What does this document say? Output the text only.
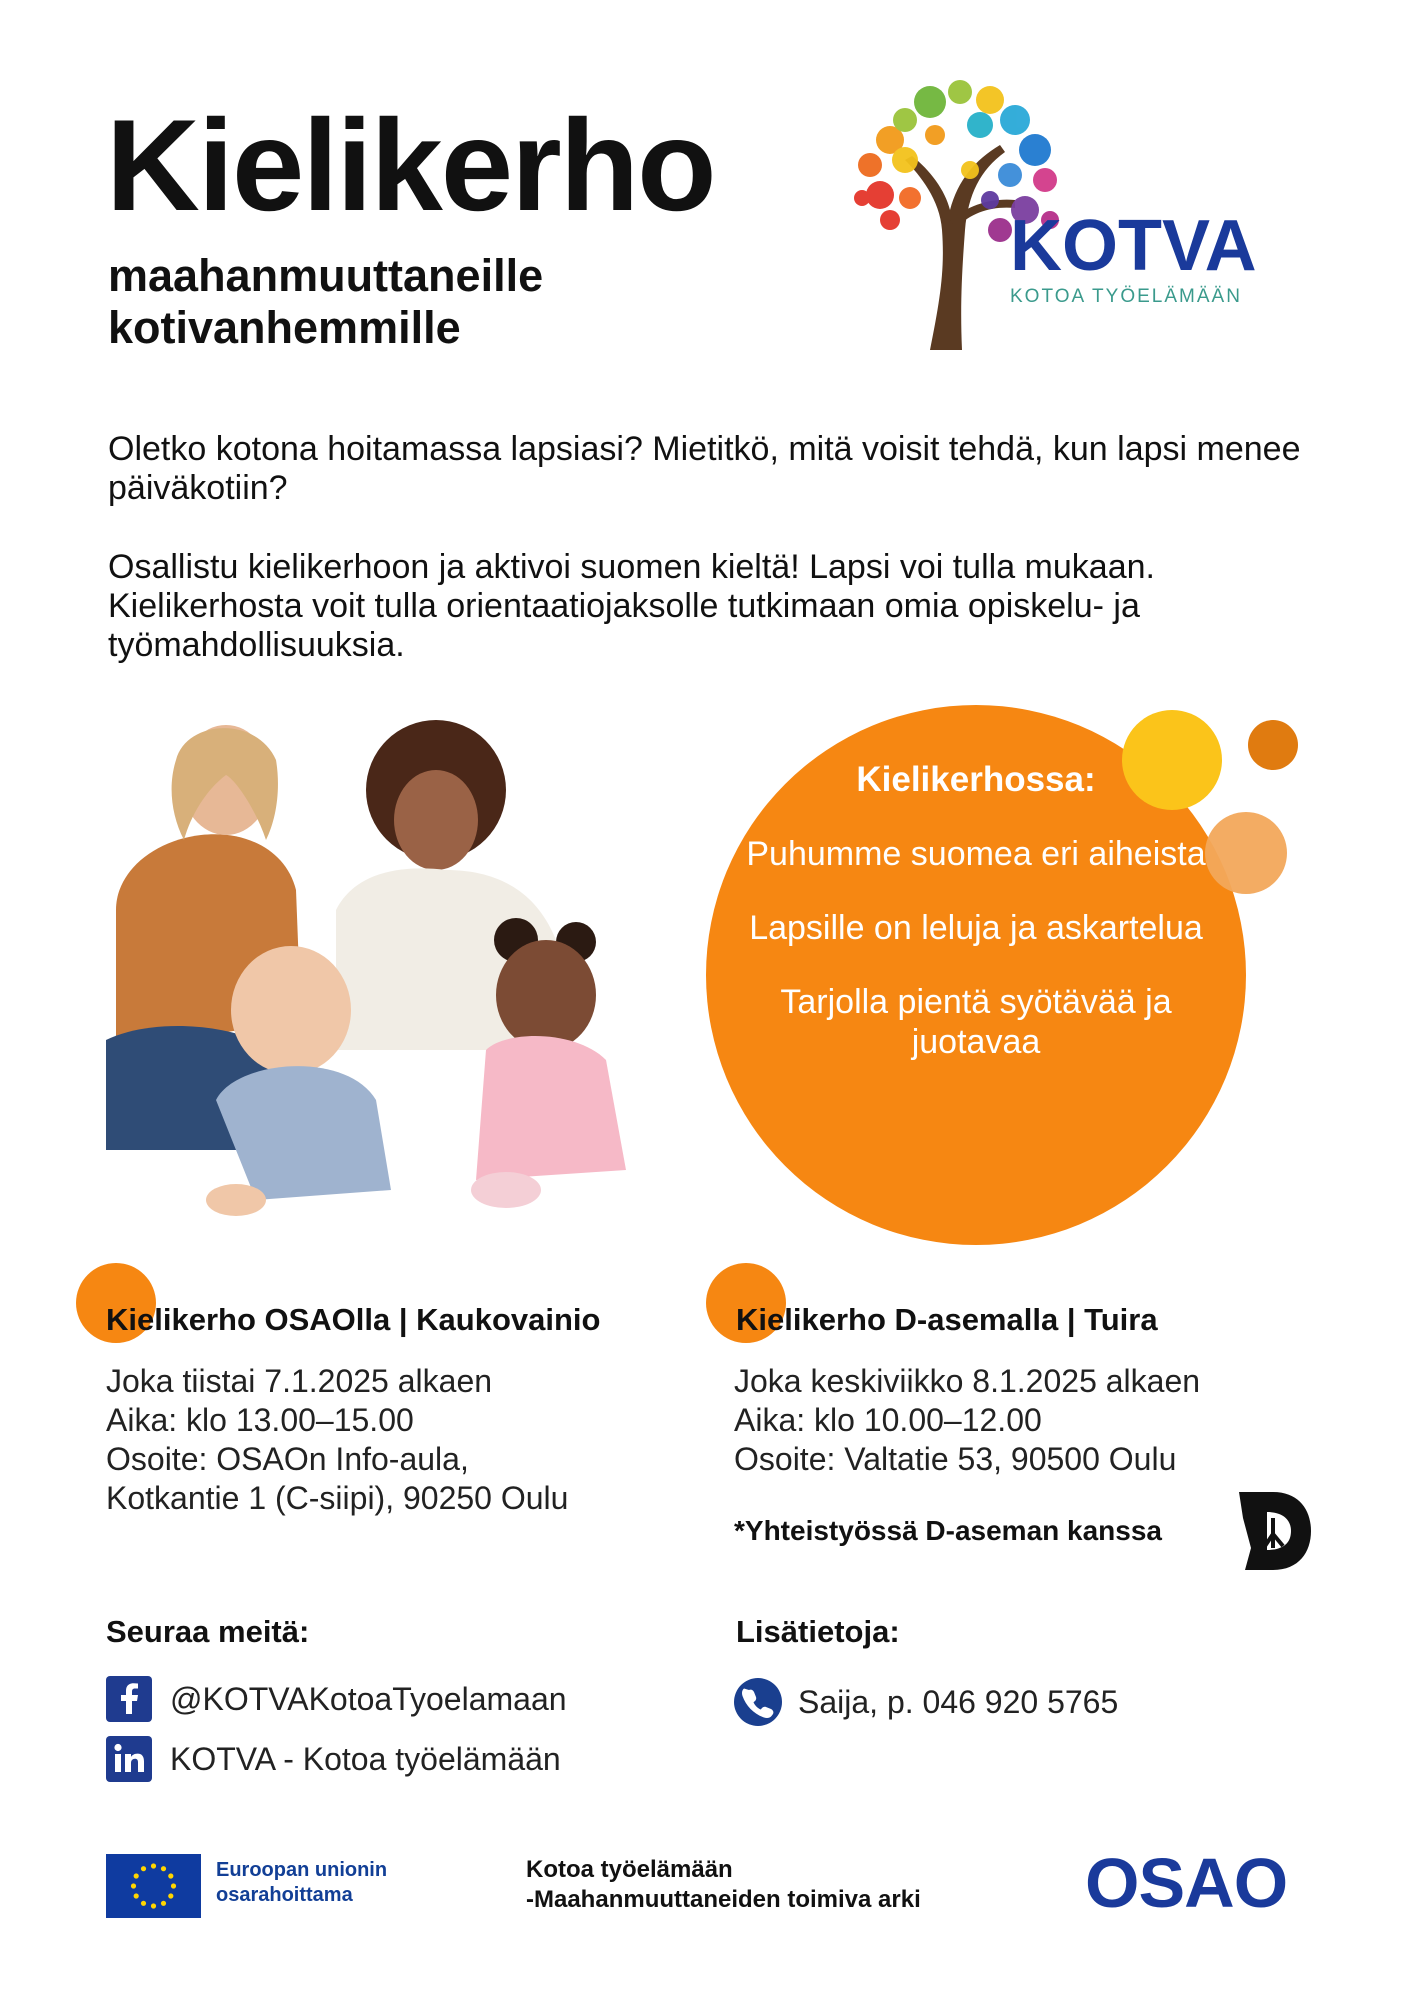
Kielikerho
maahanmuuttaneille
kotivanhemmille
KOTVA
KOTOA TYÖELÄMÄÄN

Oletko kotona hoitamassa lapsiasi? Mietitkö, mitä voisit tehdä, kun lapsi menee päiväkotiin?

Osallistu kielikerhoon ja aktivoi suomen kieltä! Lapsi voi tulla mukaan. Kielikerhosta voit tulla orientaatiojaksolle tutkimaan omia opiskelu- ja työmahdollisuuksia.

Kielikerhossa:
Puhumme suomea eri aiheista
Lapsille on leluja ja askartelua
Tarjolla pientä syötävää ja juotavaa
Kielikerho OSAOlla | Kaukovainio
Joka tiistai 7.1.2025 alkaen
Aika: klo 13.00–15.00
Osoite: OSAOn Info-aula,
Kotkantie 1 (C-siipi), 90250 Oulu
Kielikerho D-asemalla | Tuira
Joka keskiviikko 8.1.2025 alkaen
Aika: klo 10.00–12.00
Osoite: Valtatie 53, 90500 Oulu
*Yhteistyössä D-aseman kanssa
Seuraa meitä:	Lisätietoja:
@KOTVAKotoaTyoelamaan
KOTVA - Kotoa työelämään
Saija, p. 046 920 5765
Euroopan unionin
osarahoittama
Kotoa työelämään
-Maahanmuuttaneiden toimiva arki OSAO
